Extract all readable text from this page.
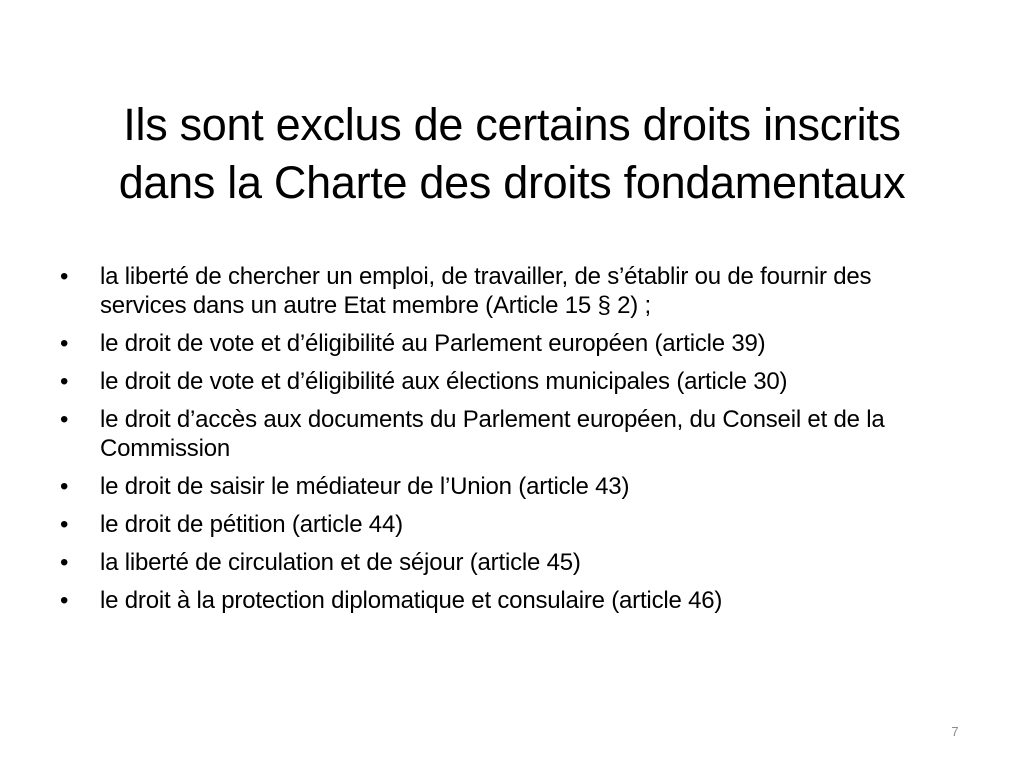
Ils sont exclus de certains droits inscrits
dans la Charte des droits fondamentaux
•	la liberté de chercher un emploi, de travailler, de s’établir ou de fournir des services dans un autre Etat membre (Article 15 § 2) ;
•	le droit de vote et d’éligibilité au Parlement européen (article 39)
•	le droit de vote et d’éligibilité aux élections municipales (article 30)
•	le droit d’accès aux documents du Parlement européen, du Conseil et de la Commission
•	le droit de saisir le médiateur de l’Union (article 43)
•	le droit de pétition (article 44)
•	la liberté de circulation et de séjour (article 45)
•	le droit à la protection diplomatique et consulaire (article 46)
7
